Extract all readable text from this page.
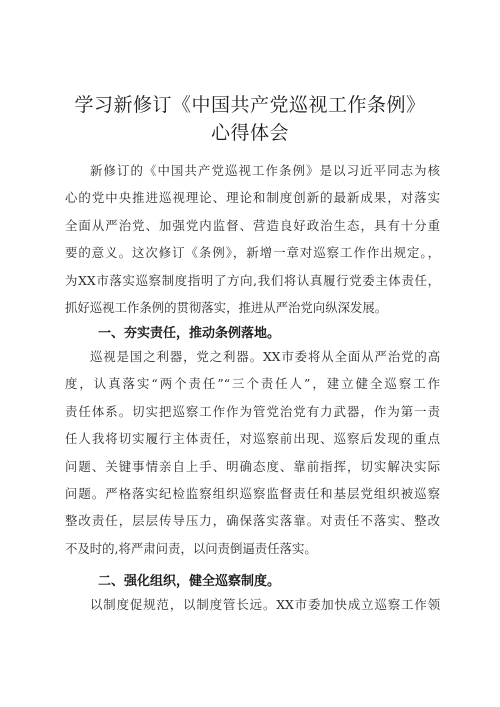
学习新修订《中国共产党巡视工作条例》
心得体会

新修订的《中国共产党巡视工作条例》是以习近平同志为核
心的党中央推进巡视理论、理论和制度创新的最新成果，对落实
全面从严治党、加强党内监督、营造良好政治生态，具有十分重
要的意义。这次修订《条例》，新增一章对巡察工作作出规定。，
为XX市落实巡察制度指明了方向,我们将认真履行党委主体责任，
抓好巡视工作条例的贯彻落实，推进从严治党向纵深发展。

一、夯实责任，推动条例落地。

巡视是国之利器，党之利器。XX市委将从全面从严治党的高
度，认真落实“两个责任”“三个责任人”，建立健全巡察工作
责任体系。切实把巡察工作作为管党治党有力武器，作为第一责
任人我将切实履行主体责任，对巡察前出现、巡察后发现的重点
问题、关键事情亲自上手、明确态度、靠前指挥，切实解决实际
问题。严格落实纪检监察组织巡察监督责任和基层党组织被巡察
整改责任，层层传导压力，确保落实落靠。对责任不落实、整改
不及时的,将严肃问责，以问责倒逼责任落实。

二、强化组织，健全巡察制度。

以制度促规范，以制度管长远。XX市委加快成立巡察工作领
